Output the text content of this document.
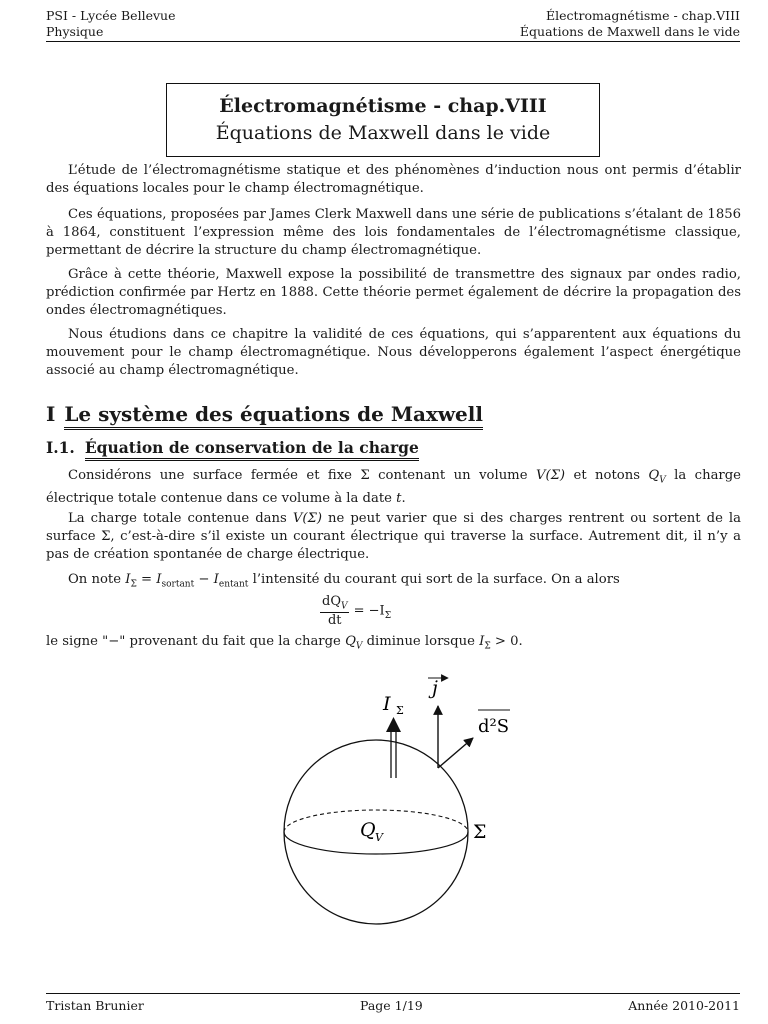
PSI - Lycée Bellevue
Physique
Électromagnétisme - chap.VIII
Équations de Maxwell dans le vide
Électromagnétisme - chap.VIII
Équations de Maxwell dans le vide
L’étude de l’électromagnétisme statique et des phénomènes d’induction nous ont permis d’établir des équations locales pour le champ électromagnétique.
Ces équations, proposées par James Clerk Maxwell dans une série de publications s’étalant de 1856 à 1864, constituent l’expression même des lois fondamentales de l’électromagnétisme classique, permettant de décrire la structure du champ électromagnétique.
Grâce à cette théorie, Maxwell expose la possibilité de transmettre des signaux par ondes radio, prédiction confirmée par Hertz en 1888. Cette théorie permet également de décrire la propagation des ondes électromagnétiques.
Nous étudions dans ce chapitre la validité de ces équations, qui s’apparentent aux équations du mouvement pour le champ électromagnétique. Nous développerons également l’aspect énergétique associé au champ électromagnétique.
I Le système des équations de Maxwell
I.1. Équation de conservation de la charge
Considérons une surface fermée et fixe Σ contenant un volume V(Σ) et notons $Q_V$ la charge électrique totale contenue dans ce volume à la date t.
La charge totale contenue dans V(Σ) ne peut varier que si des charges rentrent ou sortent de la surface Σ, c’est-à-dire s’il existe un courant électrique qui traverse la surface. Autrement dit, il n’y a pas de création spontanée de charge électrique.
On note $I_\Sigma = I_{sortant} - I_{entant}$ l’intensité du courant qui sort de la surface. On a alors
$\frac{dQ_V}{dt} = -I_\Sigma$
le signe "−" provenant du fait que la charge $Q_V$ diminue lorsque $I_\Sigma > 0$.
I Σ
j
d²S
Q V	Σ
Tristan Brunier	Page 1/19	Année 2010-2011
